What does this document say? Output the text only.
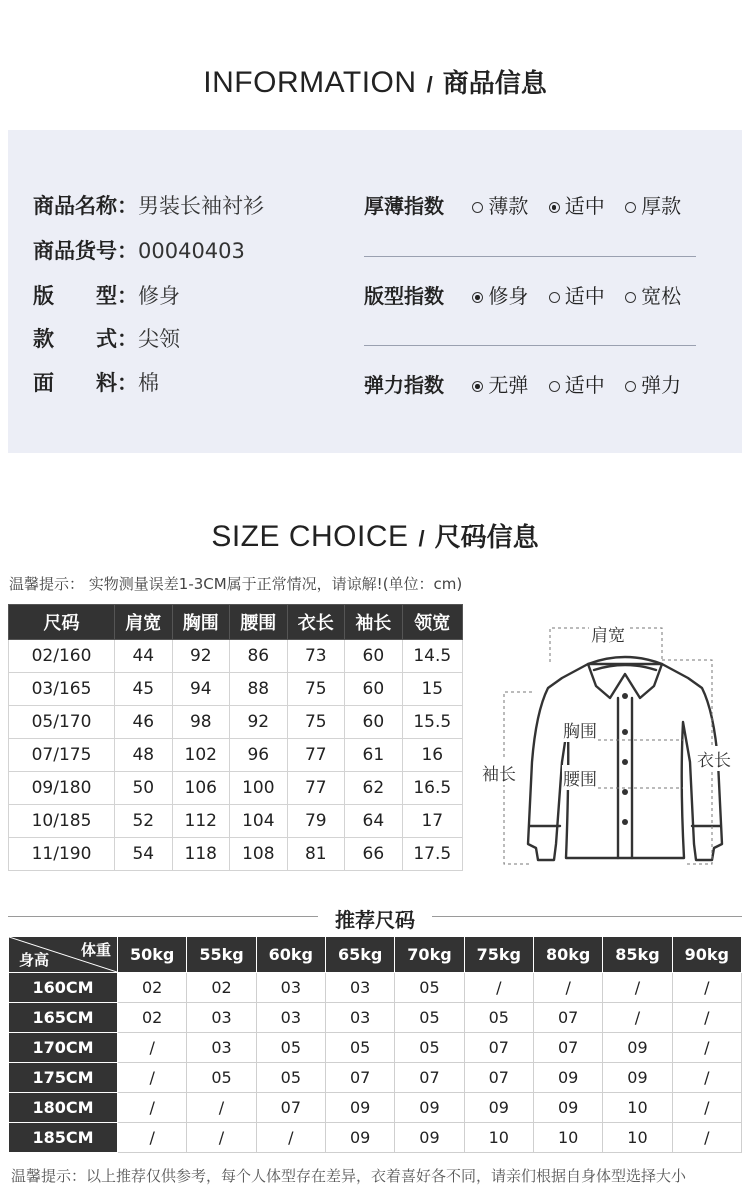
INFORMATION / 商品信息
商品名称：男装长袖衬衫
商品货号：00040403
版　　型：修身
款　　式：尖领
面　　料：棉
厚薄指数 薄款 适中 厚款
版型指数 修身 适中 宽松
弹力指数 无弹 适中 弹力
SIZE CHOICE / 尺码信息
温馨提示： 实物测量误差1-3CM属于正常情况，请谅解!(单位：cm)
尺码	肩宽	胸围	腰围	衣长	袖长	领宽
02/160	44	92	86	73	60	14.5
03/165	45	94	88	75	60	15
05/170	46	98	92	75	60	15.5
07/175	48	102	96	77	61	16
09/180	50	106	100	77	62	16.5
10/185	52	112	104	79	64	17
11/190	54	118	108	81	66	17.5
肩宽
胸围
腰围
袖长
衣长
推荐尺码
体重
身高	50kg	55kg	60kg	65kg	70kg	75kg	80kg	85kg	90kg
160CM	02	02	03	03	05	/	/	/	/
165CM	02	03	03	03	05	05	07	/	/
170CM	/	03	05	05	05	07	07	09	/
175CM	/	05	05	07	07	07	09	09	/
180CM	/	/	07	09	09	09	09	10	/
185CM	/	/	/	09	09	10	10	10	/
温馨提示：以上推荐仅供参考，每个人体型存在差异，衣着喜好各不同，请亲们根据自身体型选择大小
